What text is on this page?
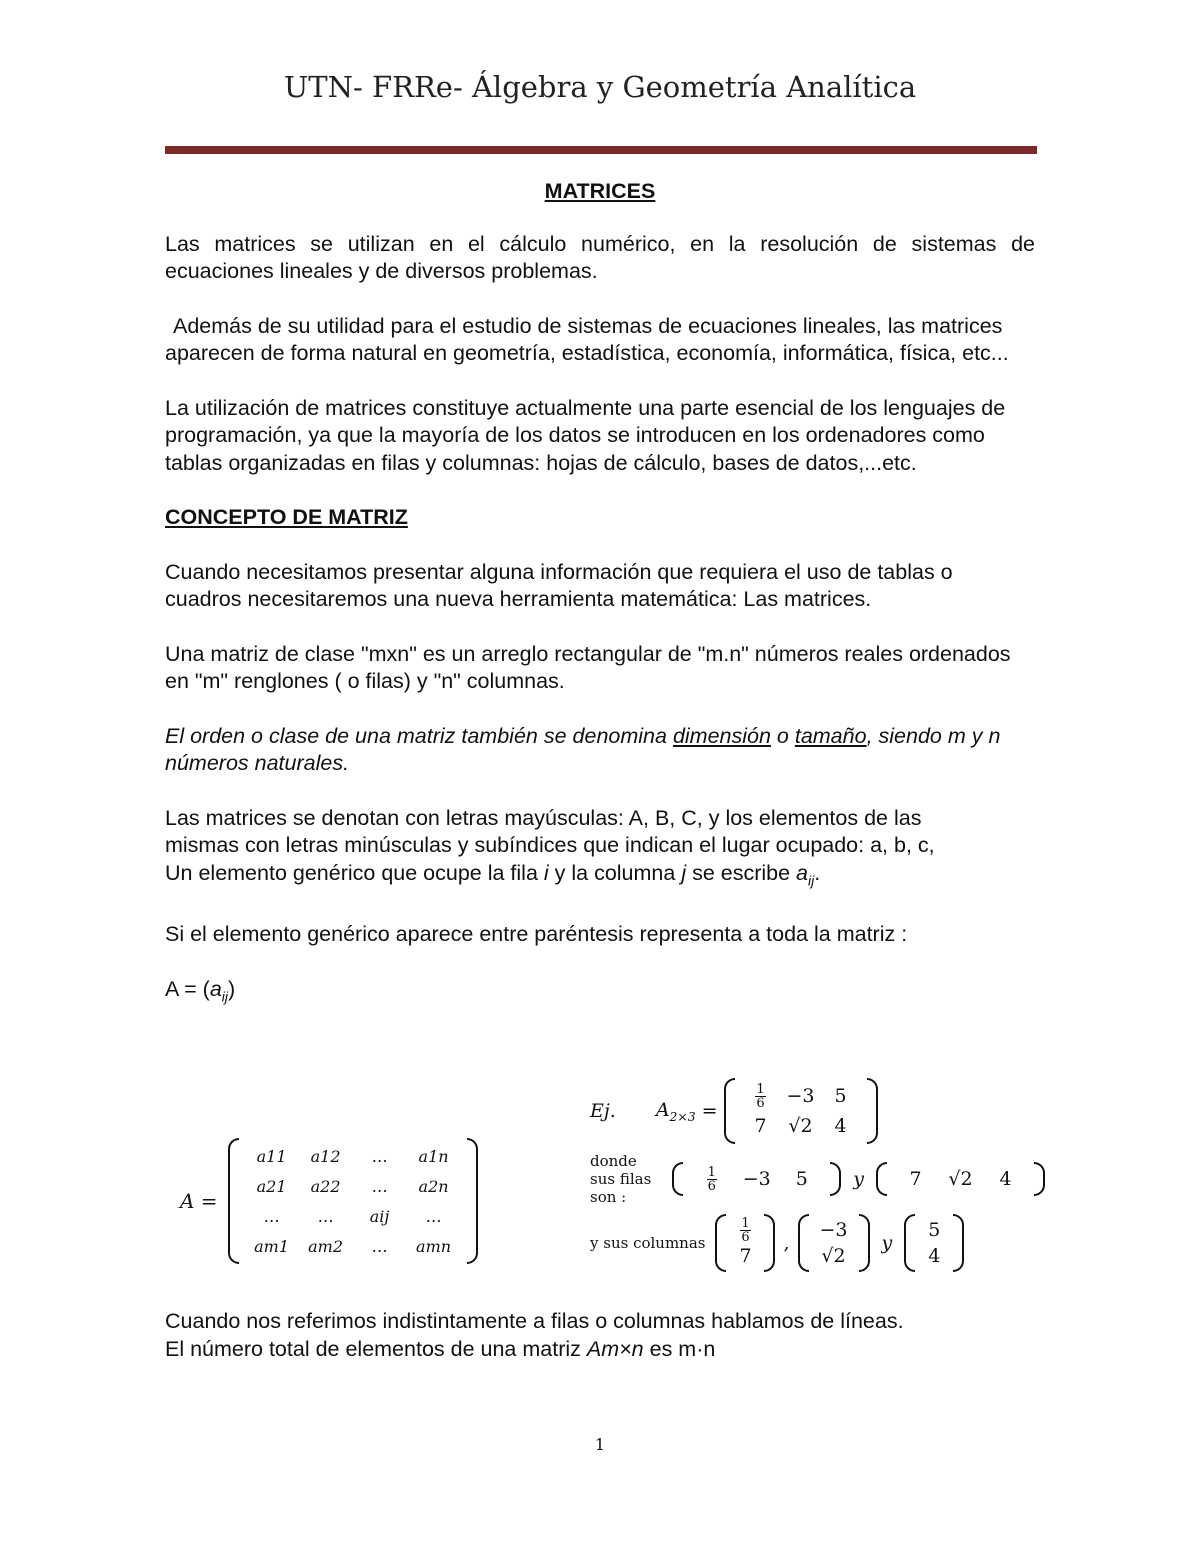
UTN- FRRe- Álgebra y Geometría Analítica
MATRICES

Las matrices se utilizan en el cálculo numérico, en la resolución de sistemas de ecuaciones lineales y de diversos problemas.

Además de su utilidad para el estudio de sistemas de ecuaciones lineales, las matrices aparecen de forma natural en geometría, estadística, economía, informática, física, etc...

La utilización de matrices constituye actualmente una parte esencial de los lenguajes de programación, ya que la mayoría de los datos se introducen en los ordenadores como tablas organizadas en filas y columnas: hojas de cálculo, bases de datos,...etc.

CONCEPTO DE MATRIZ

Cuando necesitamos presentar alguna información que requiera el uso de tablas o cuadros necesitaremos una nueva herramienta matemática: Las matrices.

Una matriz de clase "mxn" es un arreglo rectangular de "m.n" números reales ordenados en "m" renglones ( o filas) y "n" columnas.

El orden o clase de una matriz también se denomina dimensión o tamaño, siendo m y n números naturales.

Las matrices se denotan con letras mayúsculas: A, B, C, y los elementos de las
mismas con letras minúsculas y subíndices que indican el lugar ocupado: a, b, c,
Un elemento genérico que ocupe la fila i y la columna j se escribe $a_{ij}$.

Si el elemento genérico aparece entre paréntesis representa a toda la matriz :

$A = (a_{ij})$

A =
a11 a12 … a1n
a21 a22 … a2n
… … aij …
am1 am2 … amn
Ej. $A_{2\times 3}$ =
$\frac{1}{6} -3$ 5
7 √2 4
donde sus filas son :
$\frac{1}{6} -3$ 5 y 7 √2 4
y sus columnas	$\frac{1}{6}$
7
,
−3
√2
y
5
4
Cuando nos referimos indistintamente a filas o columnas hablamos de líneas.
El número total de elementos de una matriz Am×n es m·n
1
